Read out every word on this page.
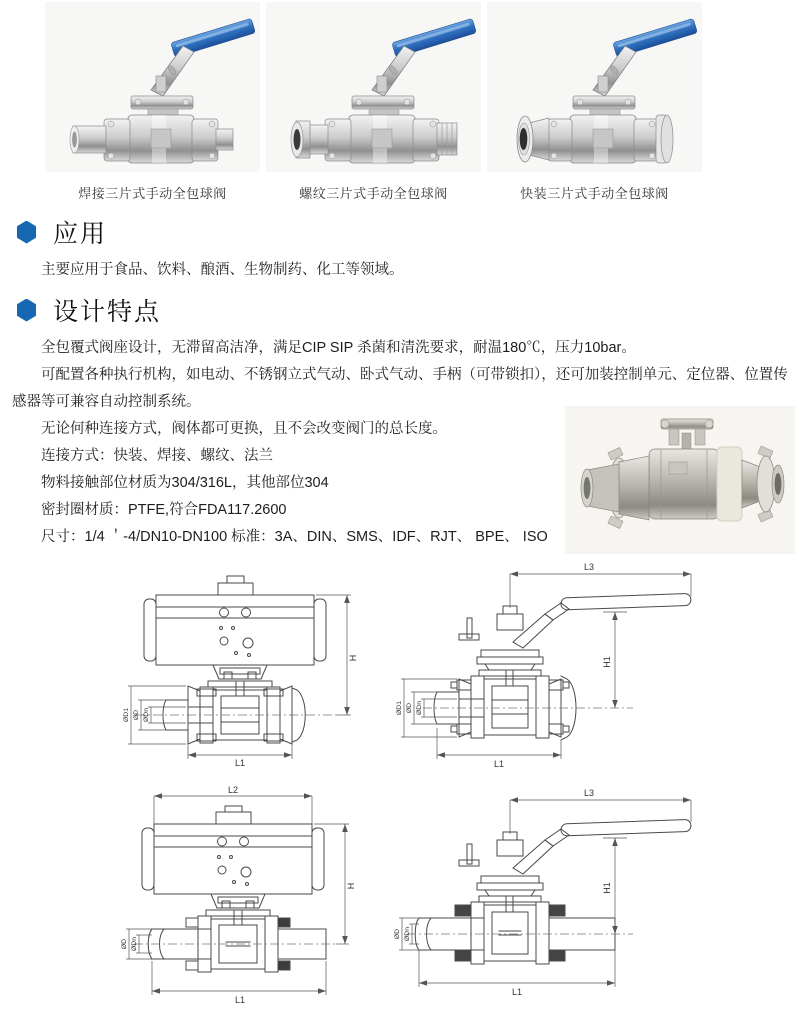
焊接三片式手动全包球阀	螺纹三片式手动全包球阀	快装三片式手动全包球阀
应用

主要应用于食品、饮料、酿酒、生物制药、化工等领域。

设计特点

全包覆式阀座设计，无滞留高洁净，满足CIP SIP 杀菌和清洗要求，耐温180℃，压力10bar。

可配置各种执行机构，如电动、不锈钢立式气动、卧式气动、手柄（可带锁扣），还可加装控制单元、定位器、位置传感器等可兼容自动控制系统。

无论何种连接方式，阀体都可更换，且不会改变阀门的总长度。

连接方式：快装、焊接、螺纹、法兰

物料接触部位材质为304/316L，其他部位304

密封圈材质：PTFE,符合FDA117.2600

尺寸：1/4 ＇-4/DN10-DN100 标准：3A、DIN、SMS、IDF、RJT、 BPE、 ISO

H
L1
ØD1 ØD ØDn
L3
H1
L1
ØD1 ØD ØDn
L2
H
L1
ØD ØDn
L3
H1
L1
ØD ØDn
